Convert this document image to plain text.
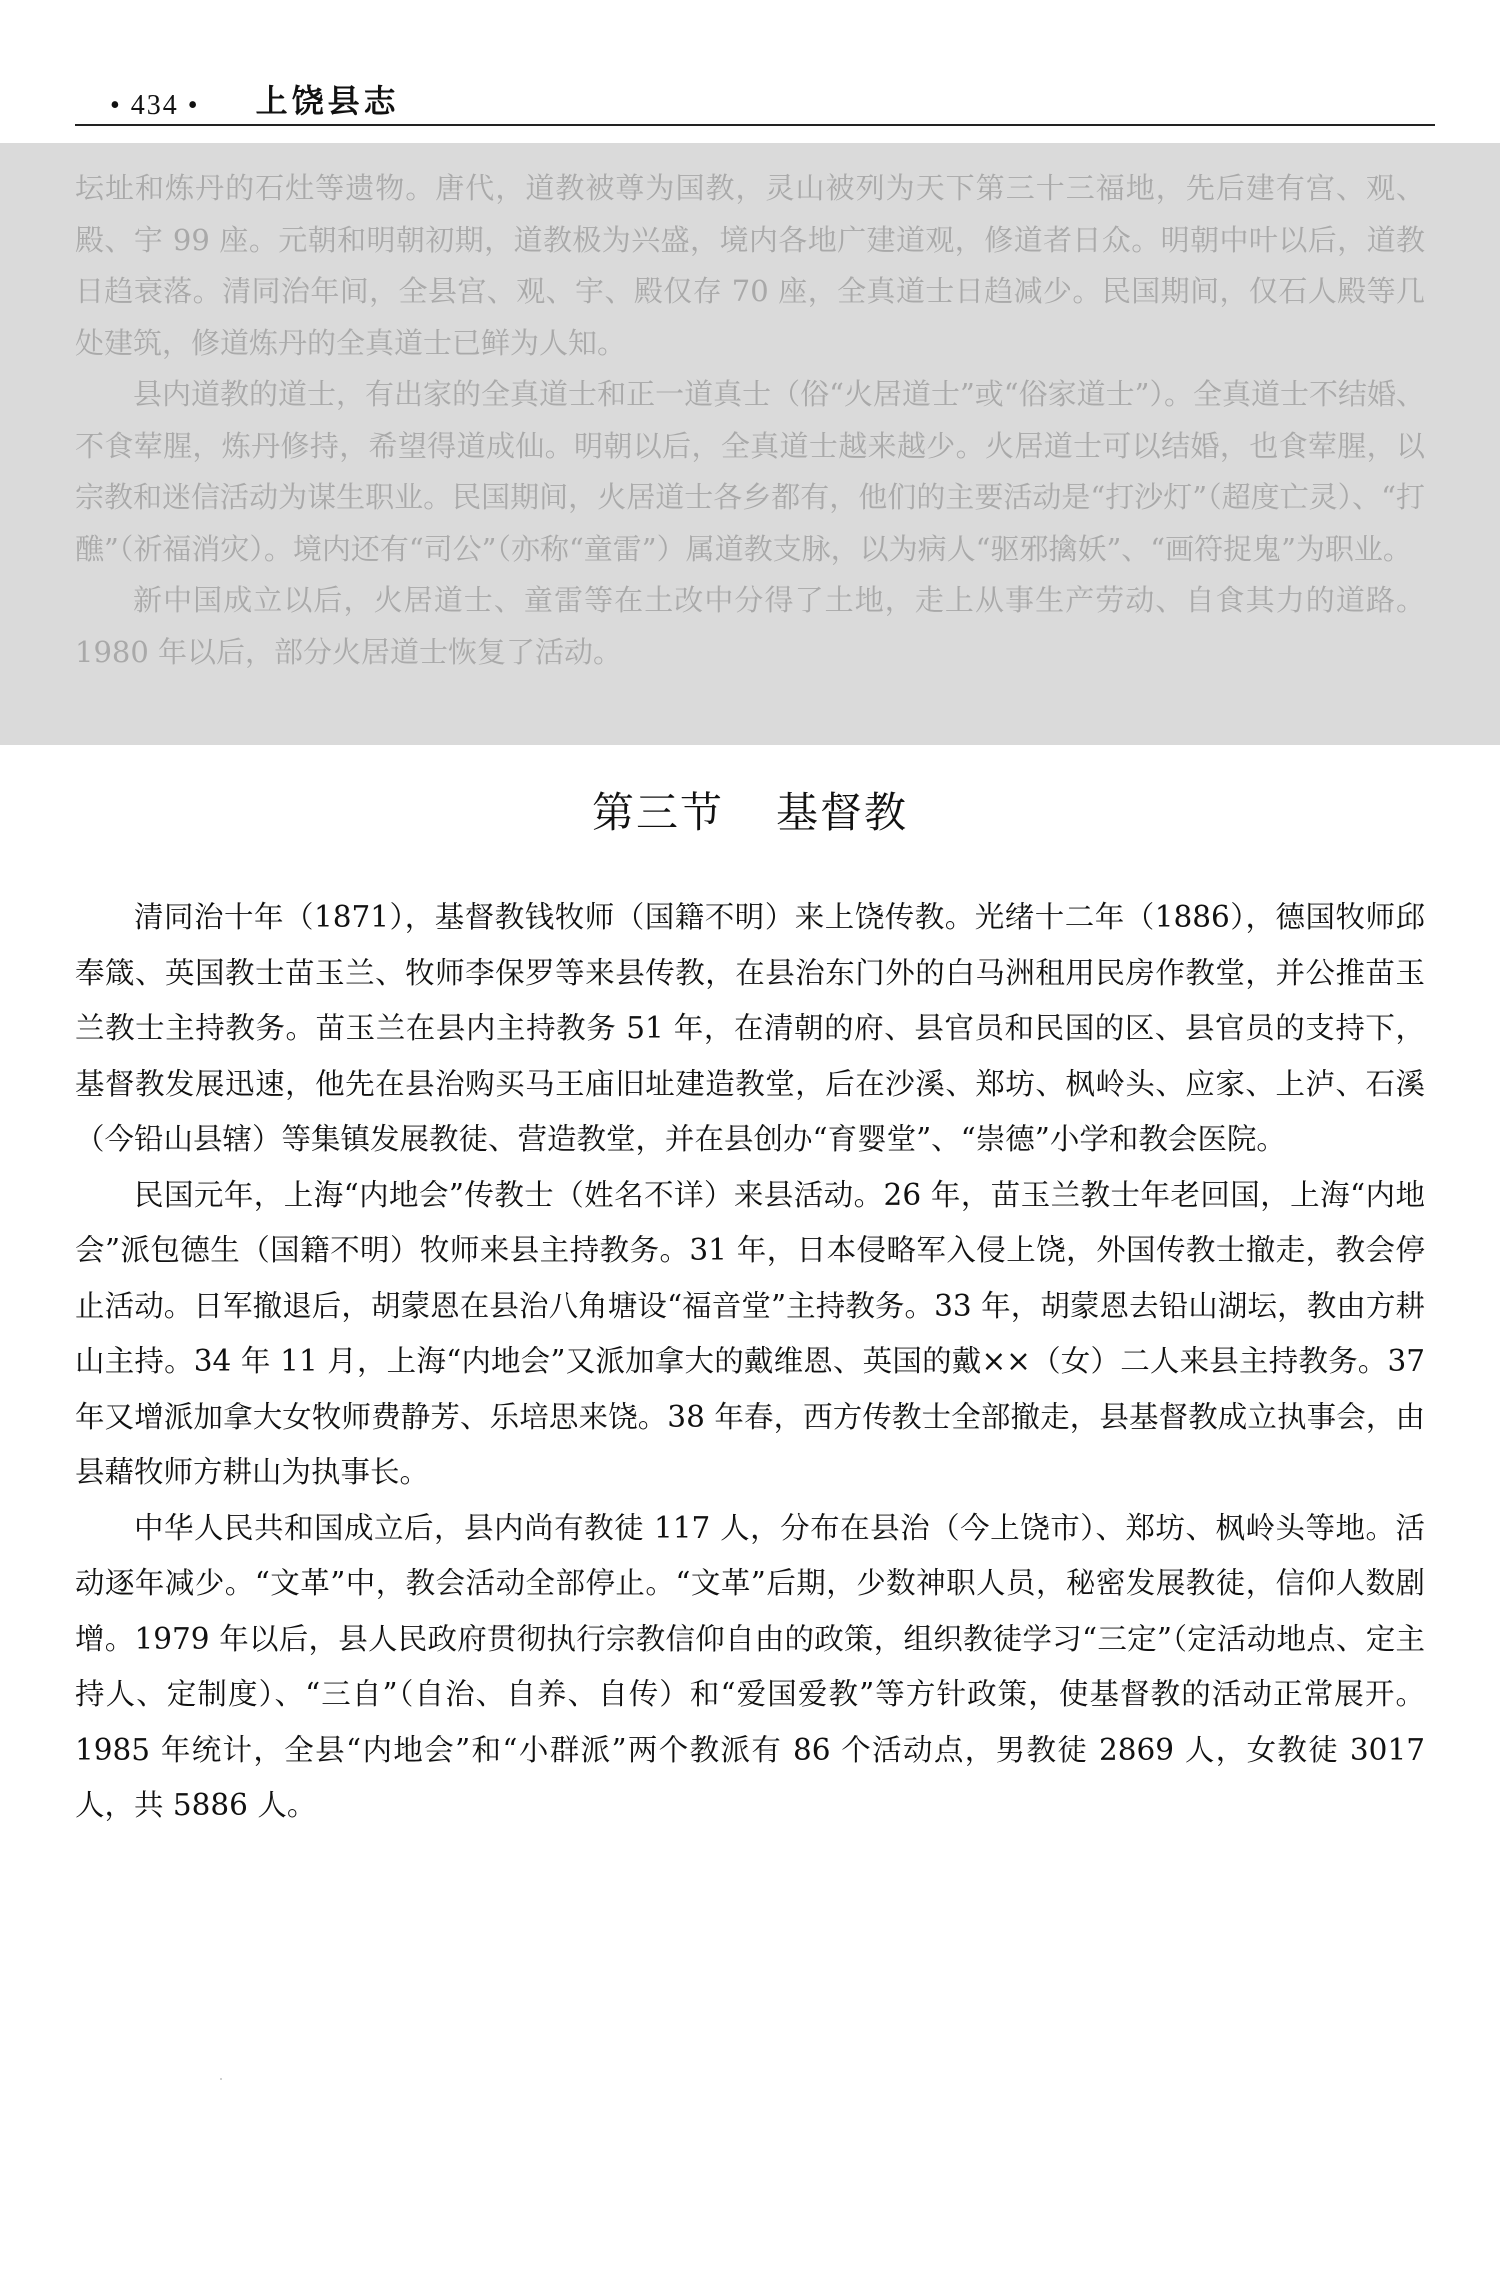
• 434 • 上饶县志

坛址和炼丹的石灶等遗物。唐代，道教被尊为国教，灵山被列为天下第三十三福地，先后建有宫、观、殿、宇 99 座。元朝和明朝初期，道教极为兴盛，境内各地广建道观，修道者日众。明朝中叶以后，道教日趋衰落。清同治年间，全县宫、观、宇、殿仅存 70 座，全真道士日趋减少。民国期间，仅石人殿等几处建筑，修道炼丹的全真道士已鲜为人知。

县内道教的道士，有出家的全真道士和正一道真士（俗“火居道士”或“俗家道士”）。全真道士不结婚、不食荤腥，炼丹修持，希望得道成仙。明朝以后，全真道士越来越少。火居道士可以结婚，也食荤腥，以宗教和迷信活动为谋生职业。民国期间，火居道士各乡都有，他们的主要活动是“打沙灯”（超度亡灵）、“打醮”（祈福消灾）。境内还有“司公”（亦称“童雷”）属道教支脉，以为病人“驱邪擒妖”、“画符捉鬼”为职业。

新中国成立以后，火居道士、童雷等在土改中分得了土地，走上从事生产劳动、自食其力的道路。1980 年以后，部分火居道士恢复了活动。

第三节 基督教

清同治十年（1871），基督教钱牧师（国籍不明）来上饶传教。光绪十二年（1886），德国牧师邱奉箴、英国教士苗玉兰、牧师李保罗等来县传教，在县治东门外的白马洲租用民房作教堂，并公推苗玉兰教士主持教务。苗玉兰在县内主持教务 51 年，在清朝的府、县官员和民国的区、县官员的支持下，基督教发展迅速，他先在县治购买马王庙旧址建造教堂，后在沙溪、郑坊、枫岭头、应家、上泸、石溪（今铅山县辖）等集镇发展教徒、营造教堂，并在县创办“育婴堂”、“崇德”小学和教会医院。

民国元年，上海“内地会”传教士（姓名不详）来县活动。26 年，苗玉兰教士年老回国，上海“内地会”派包德生（国籍不明）牧师来县主持教务。31 年，日本侵略军入侵上饶，外国传教士撤走，教会停止活动。日军撤退后，胡蒙恩在县治八角塘设“福音堂”主持教务。33 年，胡蒙恩去铅山湖坛，教由方耕山主持。34 年 11 月，上海“内地会”又派加拿大的戴维恩、英国的戴××（女）二人来县主持教务。37 年又增派加拿大女牧师费静芳、乐培思来饶。38 年春，西方传教士全部撤走，县基督教成立执事会，由县藉牧师方耕山为执事长。

中华人民共和国成立后，县内尚有教徒 117 人，分布在县治（今上饶市）、郑坊、枫岭头等地。活动逐年减少。“文革”中，教会活动全部停止。“文革”后期，少数神职人员，秘密发展教徒，信仰人数剧增。1979 年以后，县人民政府贯彻执行宗教信仰自由的政策，组织教徒学习“三定”（定活动地点、定主持人、定制度）、“三自”（自治、自养、自传）和“爱国爱教”等方针政策，使基督教的活动正常展开。1985 年统计，全县“内地会”和“小群派”两个教派有 86 个活动点，男教徒 2869 人，女教徒 3017 人，共 5886 人。
